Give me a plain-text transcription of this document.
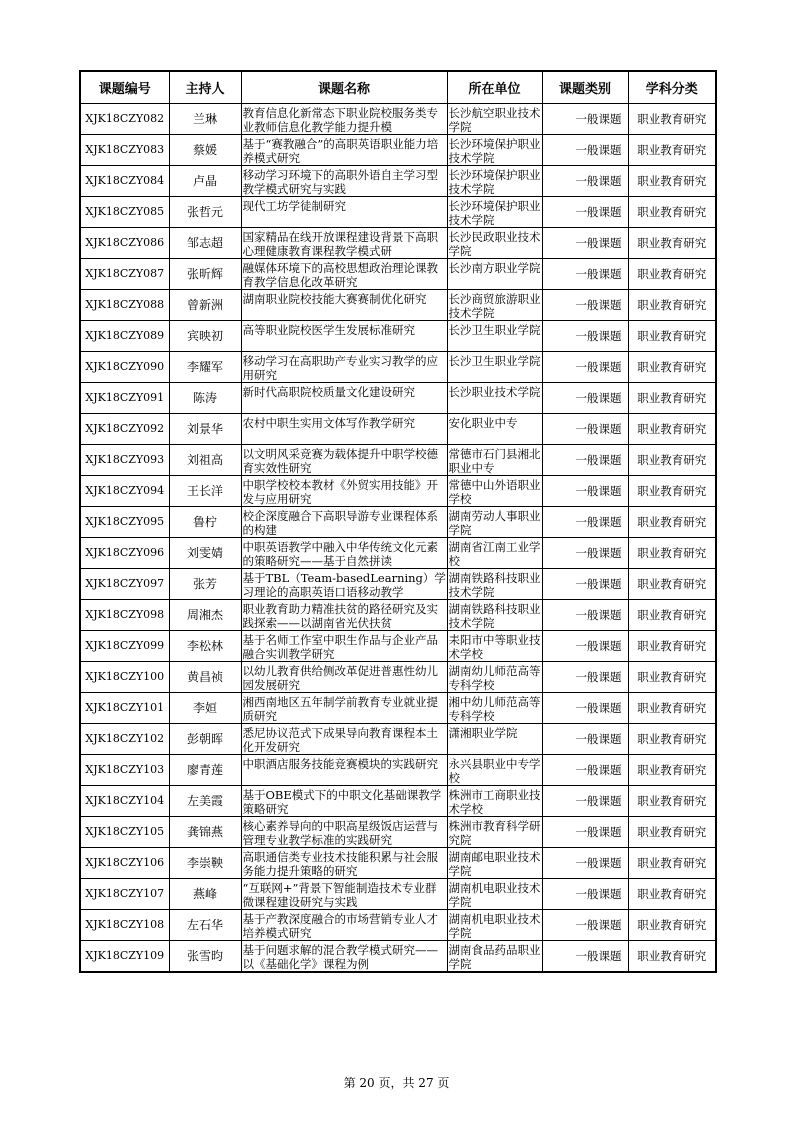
课题编号	主持人	课题名称	所在单位	课题类别	学科分类
XJK18CZY082	兰琳	教育信息化新常态下职业院校服务类专业教师信息化教学能力提升模	长沙航空职业技术学院	一般课题	职业教育研究
XJK18CZY083	蔡媛	基于“赛教融合”的高职英语职业能力培养模式研究	长沙环境保护职业技术学院	一般课题	职业教育研究
XJK18CZY084	卢晶	移动学习环境下的高职外语自主学习型教学模式研究与实践	长沙环境保护职业技术学院	一般课题	职业教育研究
XJK18CZY085	张哲元	现代工坊学徒制研究	长沙环境保护职业技术学院	一般课题	职业教育研究
XJK18CZY086	邹志超	国家精品在线开放课程建设背景下高职心理健康教育课程教学模式研	长沙民政职业技术学院	一般课题	职业教育研究
XJK18CZY087	张昕辉	融媒体环境下的高校思想政治理论课教育教学信息化改革研究	长沙南方职业学院	一般课题	职业教育研究
XJK18CZY088	曾新洲	湖南职业院校技能大赛赛制优化研究	长沙商贸旅游职业技术学院	一般课题	职业教育研究
XJK18CZY089	宾映初	高等职业院校医学生发展标准研究	长沙卫生职业学院	一般课题	职业教育研究
XJK18CZY090	李耀军	移动学习在高职助产专业实习教学的应用研究	长沙卫生职业学院	一般课题	职业教育研究
XJK18CZY091	陈涛	新时代高职院校质量文化建设研究	长沙职业技术学院	一般课题	职业教育研究
XJK18CZY092	刘景华	农村中职生实用文体写作教学研究	安化职业中专	一般课题	职业教育研究
XJK18CZY093	刘祖高	以文明风采竞赛为载体提升中职学校德育实效性研究	常德市石门县湘北职业中专	一般课题	职业教育研究
XJK18CZY094	王长洋	中职学校校本教材《外贸实用技能》开发与应用研究	常德中山外语职业学校	一般课题	职业教育研究
XJK18CZY095	鲁柠	校企深度融合下高职导游专业课程体系的构建	湖南劳动人事职业学院	一般课题	职业教育研究
XJK18CZY096	刘雯婧	中职英语教学中融入中华传统文化元素的策略研究——基于自然拼读	湖南省江南工业学校	一般课题	职业教育研究
XJK18CZY097	张芳	基于TBL（Team-basedLearning）学习理论的高职英语口语移动教学	湖南铁路科技职业技术学院	一般课题	职业教育研究
XJK18CZY098	周湘杰	职业教育助力精准扶贫的路径研究及实践探索——以湖南省光伏扶贫	湖南铁路科技职业技术学院	一般课题	职业教育研究
XJK18CZY099	李松林	基于名师工作室中职生作品与企业产品融合实训教学研究	耒阳市中等职业技术学校	一般课题	职业教育研究
XJK18CZY100	黄昌祯	以幼儿教育供给侧改革促进普惠性幼儿园发展研究	湖南幼儿师范高等专科学校	一般课题	职业教育研究
XJK18CZY101	李姮	湘西南地区五年制学前教育专业就业提质研究	湘中幼儿师范高等专科学校	一般课题	职业教育研究
XJK18CZY102	彭朝晖	悉尼协议范式下成果导向教育课程本土化开发研究	潇湘职业学院	一般课题	职业教育研究
XJK18CZY103	廖青莲	中职酒店服务技能竞赛模块的实践研究	永兴县职业中专学校	一般课题	职业教育研究
XJK18CZY104	左美霞	基于OBE模式下的中职文化基础课教学策略研究	株洲市工商职业技术学校	一般课题	职业教育研究
XJK18CZY105	龚锦燕	核心素养导向的中职高星级饭店运营与管理专业教学标准的实践研究	株洲市教育科学研究院	一般课题	职业教育研究
XJK18CZY106	李崇鞅	高职通信类专业技术技能积累与社会服务能力提升策略的研究	湖南邮电职业技术学院	一般课题	职业教育研究
XJK18CZY107	燕峰	“互联网+”背景下智能制造技术专业群微课程建设研究与实践	湖南机电职业技术学院	一般课题	职业教育研究
XJK18CZY108	左石华	基于产教深度融合的市场营销专业人才培养模式研究	湖南机电职业技术学院	一般课题	职业教育研究
XJK18CZY109	张雪昀	基于问题求解的混合教学模式研究——以《基础化学》课程为例	湖南食品药品职业学院	一般课题	职业教育研究
第 20 页，共 27 页
